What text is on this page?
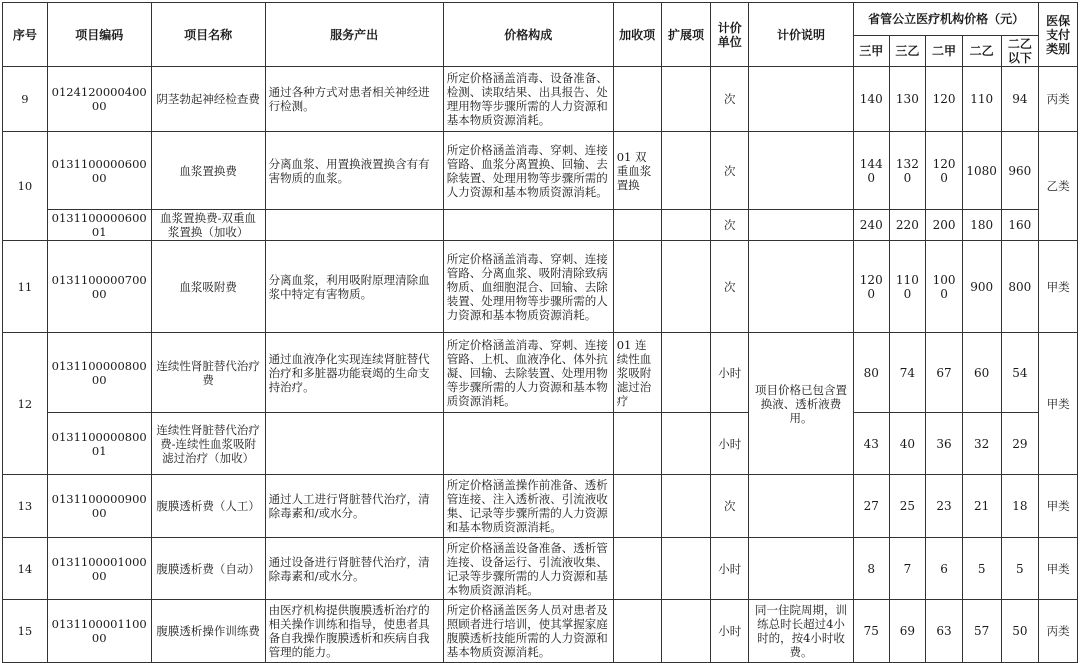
序号	项目编码	项目名称	服务产出	价格构成	加收项	扩展项	计价单位	计价说明	省管公立医疗机构价格（元）					医保支付类别
									三甲	三乙	二甲	二乙	二乙以下	
9	012412000040000	阴茎勃起神经检查费	通过各种方式对患者相关神经进行检测。	所定价格涵盖消毒、设备准备、检测、读取结果、出具报告、处理用物等步骤所需的人力资源和基本物质资源消耗。			次		140	130	120	110	94	丙类
10	013110000060000	血浆置换费	分离血浆、用置换液置换含有有害物质的血浆。	所定价格涵盖消毒、穿刺、连接管路、血浆分离置换、回输、去除装置、处理用物等步骤所需的人力资源和基本物质资源消耗。	01 双重血浆置换		次		1440	1320	1200	1080	960	乙类
	013110000060001	血浆置换费-双重血浆置换（加收）					次		240	220	200	180	160	
11	013110000070000	血浆吸附费	分离血浆，利用吸附原理清除血浆中特定有害物质。	所定价格涵盖消毒、穿刺、连接管路、分离血浆、吸附清除致病物质、血细胞混合、回输、去除装置、处理用物等步骤所需的人力资源和基本物质资源消耗。			次		1200	1100	1000	900	800	甲类
12	013110000080000	连续性肾脏替代治疗费	通过血液净化实现连续肾脏替代治疗和多脏器功能衰竭的生命支持治疗。	所定价格涵盖消毒、穿刺、连接管路、上机、血液净化、体外抗凝、回输、去除装置、处理用物等步骤所需的人力资源和基本物质资源消耗。	01 连续性血浆吸附滤过治疗		小时	项目价格已包含置换液、透析液费用。	80	74	67	60	54	甲类
	013110000080001	连续性肾脏替代治疗费-连续性血浆吸附滤过治疗（加收）					小时		43	40	36	32	29	
13	013110000090000	腹膜透析费（人工）	通过人工进行肾脏替代治疗，清除毒素和/或水分。	所定价格涵盖操作前准备、透析管连接、注入透析液、引流液收集、记录等步骤所需的人力资源和基本物质资源消耗。			次		27	25	23	21	18	甲类
14	013110000100000	腹膜透析费（自动）	通过设备进行肾脏替代治疗，清除毒素和/或水分。	所定价格涵盖设备准备、透析管连接、设备运行、引流液收集、记录等步骤所需的人力资源和基本物质资源消耗。			小时		8	7	6	5	5	甲类
15	013110000110000	腹膜透析操作训练费	由医疗机构提供腹膜透析治疗的相关操作训练和指导，使患者具备自我操作腹膜透析和疾病自我管理的能力。	所定价格涵盖医务人员对患者及照顾者进行培训，使其掌握家庭腹膜透析技能所需的人力资源和基本物质资源消耗。			小时	同一住院周期，训练总时长超过4小时的，按4小时收费。	75	69	63	57	50	丙类
